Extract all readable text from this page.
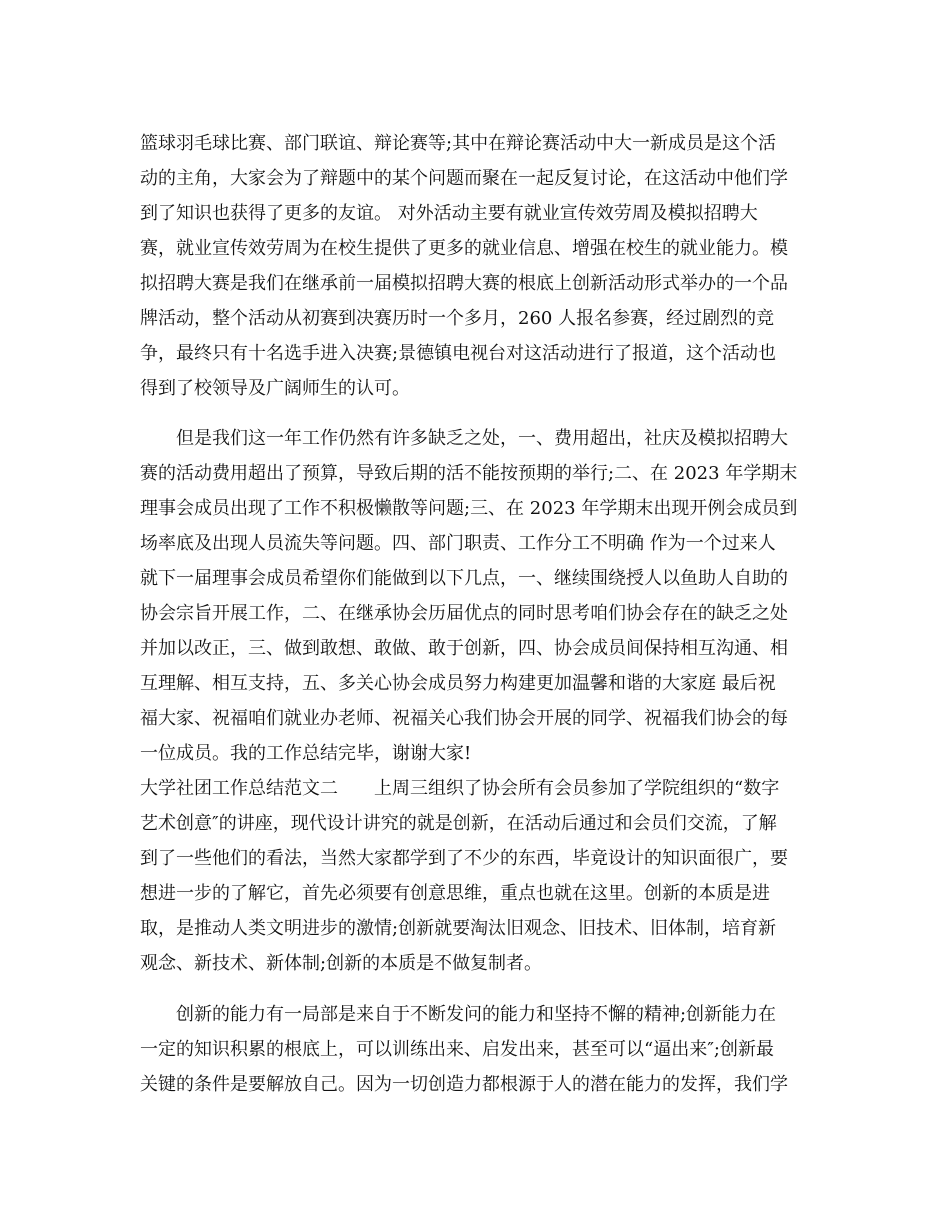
篮球羽毛球比赛、部门联谊、辩论赛等;其中在辩论赛活动中大一新成员是这个活
动的主角，大家会为了辩题中的某个问题而聚在一起反复讨论，在这活动中他们学
到了知识也获得了更多的友谊。 对外活动主要有就业宣传效劳周及模拟招聘大
赛，就业宣传效劳周为在校生提供了更多的就业信息、增强在校生的就业能力。模
拟招聘大赛是我们在继承前一届模拟招聘大赛的根底上创新活动形式举办的一个品
牌活动，整个活动从初赛到决赛历时一个多月，260 人报名参赛，经过剧烈的竞
争，最终只有十名选手进入决赛;景德镇电视台对这活动进行了报道，这个活动也
得到了校领导及广阔师生的认可。
　　但是我们这一年工作仍然有许多缺乏之处，一、费用超出，社庆及模拟招聘大
赛的活动费用超出了预算，导致后期的活不能按预期的举行;二、在 2023 年学期末
理事会成员出现了工作不积极懒散等问题;三、在 2023 年学期末出现开例会成员到
场率底及出现人员流失等问题。四、部门职责、工作分工不明确 作为一个过来人
就下一届理事会成员希望你们能做到以下几点，一、继续围绕授人以鱼助人自助的
协会宗旨开展工作，二、在继承协会历届优点的同时思考咱们协会存在的缺乏之处
并加以改正，三、做到敢想、敢做、敢于创新，四、协会成员间保持相互沟通、相
互理解、相互支持，五、多关心协会成员努力构建更加温馨和谐的大家庭 最后祝
福大家、祝福咱们就业办老师、祝福关心我们协会开展的同学、祝福我们协会的每
一位成员。我的工作总结完毕，谢谢大家!
大学社团工作总结范文二 上周三组织了协会所有会员参加了学院组织的“数字
艺术创意″的讲座，现代设计讲究的就是创新，在活动后通过和会员们交流，了解
到了一些他们的看法，当然大家都学到了不少的东西，毕竟设计的知识面很广，要
想进一步的了解它，首先必须要有创意思维，重点也就在这里。创新的本质是进
取，是推动人类文明进步的激情;创新就要淘汰旧观念、旧技术、旧体制，培育新
观念、新技术、新体制;创新的本质是不做复制者。
　　创新的能力有一局部是来自于不断发问的能力和坚持不懈的精神;创新能力在
一定的知识积累的根底上，可以训练出来、启发出来，甚至可以“逼出来″;创新最
关键的条件是要解放自己。因为一切创造力都根源于人的潜在能力的发挥，我们学
